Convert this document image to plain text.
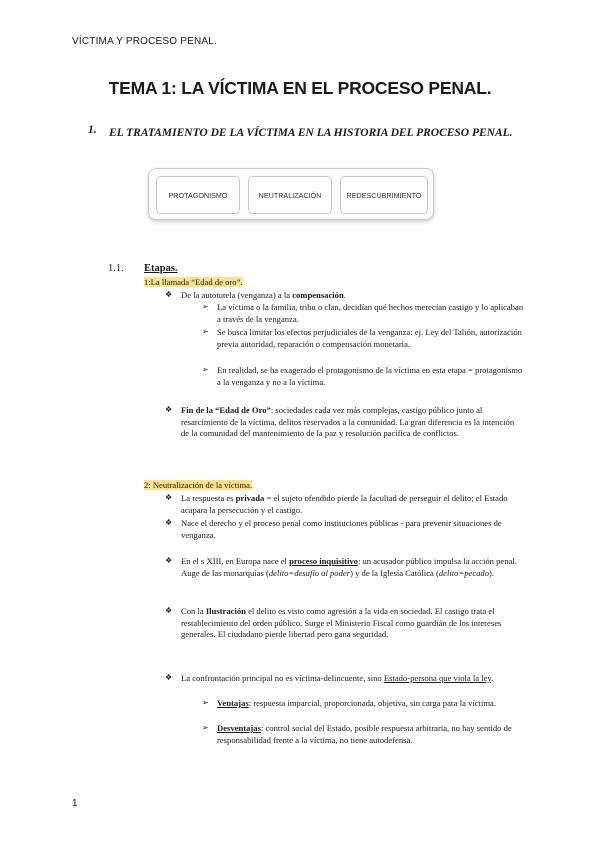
VÍCTIMA Y PROCESO PENAL.
TEMA 1: LA VÍCTIMA EN EL PROCESO PENAL.
1. EL TRATAMIENTO DE LA VÍCTIMA EN LA HISTORIA DEL PROCESO PENAL.
PROTAGONISMO	NEUTRALIZACIÓN	REDESCUBRIMIENTO
1.1. Etapas.
1:La llamada “Edad de oro”.
❖ De la autotutela (venganza) a la compensación.
➢ La víctima o la familia, tribu o clan, decidían qué hechos merecían castigo y lo aplicaban a través de la venganza.
➢ Se busca limitar los efectos perjudiciales de la venganza: ej. Ley del Talión, autorización previa autoridad, reparación o compensación monetaria.
➢ En realidad, se ha exagerado el protagonismo de la víctima en esta etapa = protagonismo a la venganza y no a la víctima.
❖ Fin de la “Edad de Oro”: sociedades cada vez más complejas, castigo público junto al resarcimiento de la víctima, delitos reservados a la comunidad. La gran diferencia es la intención de la comunidad del mantenimiento de la paz y resolución pacífica de conflictos.
2: Neutralización de la víctima.
❖ La respuesta es privada = el sujeto ofendido pierde la facultad de perseguir el delito; el Estado acapara la persecución y el castigo.
❖ Nace el derecho y el proceso penal como instituciones públicas - para prevenir situaciones de venganza.
❖ En el s XIII, en Europa nace el proceso inquisitivo: un acusador público impulsa la acción penal. Auge de las monarquías (delito=desafío al poder) y de la Iglesia Católica (delito=pecado).
❖ Con la Ilustración el delito es visto como agresión a la vida en sociedad. El castigo trata el restablecimiento del orden público. Surge el Ministerio Fiscal como guardián de los intereses generales. El ciudadano pierde libertad pero gana seguridad.
❖ La confrontación principal no es víctima-delincuente, sino Estado-persona que viola la ley.
➢ Ventajas: respuesta imparcial, proporcionada, objetiva, sin carga para la víctima.
➢ Desventajas: control social del Estado, posible respuesta arbitraria, no hay sentido de responsabilidad frente a la víctima, no tiene autodefensa.
1
